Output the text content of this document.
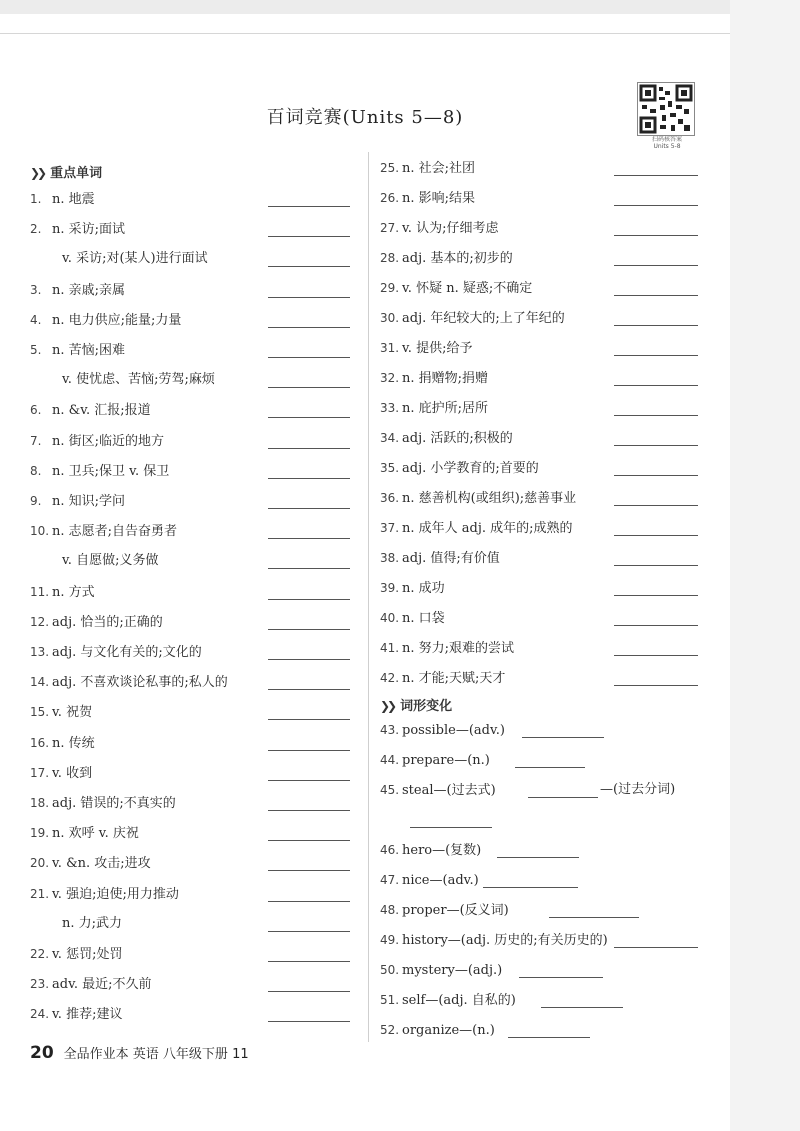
百词竞赛(Units 5—8)
扫码核答案
Units 5-8
❯❯ 重点单词
1. n. 地震
2. n. 采访;面试
v. 采访;对(某人)进行面试
3. n. 亲戚;亲属
4. n. 电力供应;能量;力量
5. n. 苦恼;困难
v. 使忧虑、苦恼;劳驾;麻烦
6. n. &v. 汇报;报道
7. n. 街区;临近的地方
8. n. 卫兵;保卫 v. 保卫
9. n. 知识;学问
10. n. 志愿者;自告奋勇者
v. 自愿做;义务做
11. n. 方式
12. adj. 恰当的;正确的
13. adj. 与文化有关的;文化的
14. adj. 不喜欢谈论私事的;私人的
15. v. 祝贺
16. n. 传统
17. v. 收到
18. adj. 错误的;不真实的
19. n. 欢呼 v. 庆祝
20. v. &n. 攻击;进攻
21. v. 强迫;迫使;用力推动
n. 力;武力
22. v. 惩罚;处罚
23. adv. 最近;不久前
24. v. 推荐;建议
25. n. 社会;社团
26. n. 影响;结果
27. v. 认为;仔细考虑
28. adj. 基本的;初步的
29. v. 怀疑 n. 疑惑;不确定
30. adj. 年纪较大的;上了年纪的
31. v. 提供;给予
32. n. 捐赠物;捐赠
33. n. 庇护所;居所
34. adj. 活跃的;积极的
35. adj. 小学教育的;首要的
36. n. 慈善机构(或组织);慈善事业
37. n. 成年人 adj. 成年的;成熟的
38. adj. 值得;有价值
39. n. 成功
40. n. 口袋
41. n. 努力;艰难的尝试
42. n. 才能;天赋;天才
❯❯ 词形变化
43. possible—(adv.)
44. prepare—(n.)
45. steal—(过去式)	—(过去分词)
46. hero—(复数)
47. nice—(adv.)
48. proper—(反义词)
49. history—(adj. 历史的;有关历史的)
50. mystery—(adj.)
51. self—(adj. 自私的)
52. organize—(n.)
20 全品作业本 英语 八年级下册 11
